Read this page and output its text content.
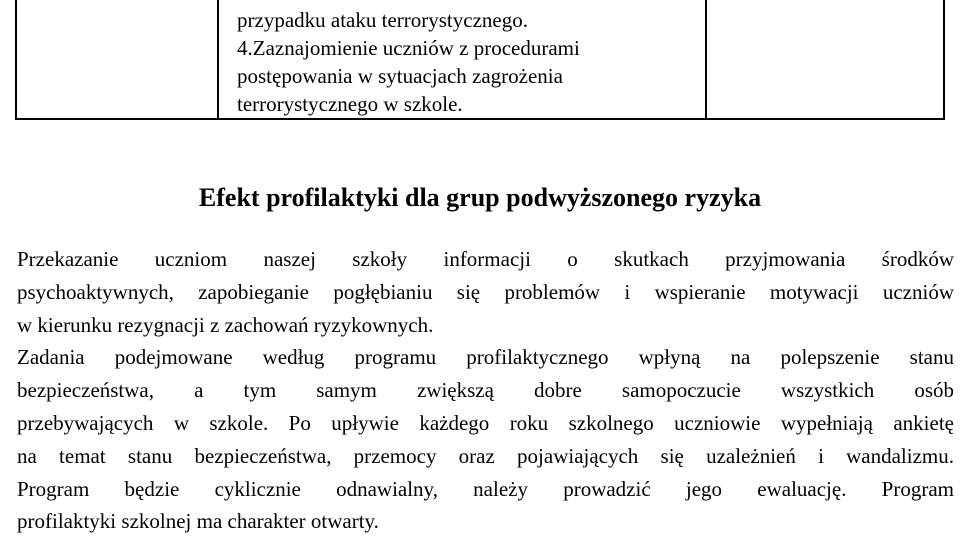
przypadku ataku terrorystycznego.
4.Zaznajomienie uczniów z procedurami
postępowania w sytuacjach zagrożenia
terrorystycznego w szkole.

Efekt profilaktyki dla grup podwyższonego ryzyka
Przekazanie uczniom naszej szkoły informacji o skutkach przyjmowania środków
psychoaktywnych, zapobieganie pogłębianiu się problemów i wspieranie motywacji uczniów
w kierunku rezygnacji z zachowań ryzykownych.
Zadania podejmowane według programu profilaktycznego wpłyną na polepszenie stanu
bezpieczeństwa, a tym samym zwiększą dobre samopoczucie wszystkich osób
przebywających w szkole. Po upływie każdego roku szkolnego uczniowie wypełniają ankietę
na temat stanu bezpieczeństwa, przemocy oraz pojawiających się uzależnień i wandalizmu.
Program będzie cyklicznie odnawialny, należy prowadzić jego ewaluację. Program
profilaktyki szkolnej ma charakter otwarty.
